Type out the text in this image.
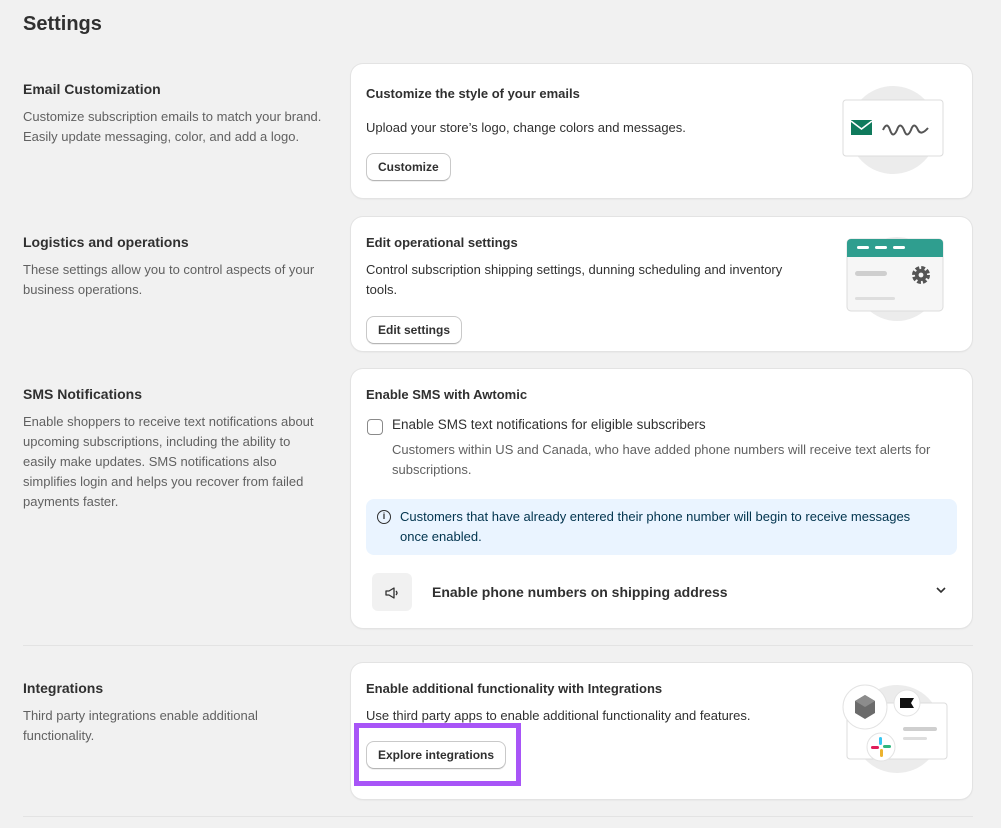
Settings
Email Customization

Customize subscription emails to match your brand. Easily update messaging, color, and add a logo.

Customize the style of your emails
Upload your store’s logo, change colors and messages.
Customize
Logistics and operations

These settings allow you to control aspects of your business operations.

Edit operational settings
Control subscription shipping settings, dunning scheduling and inventory tools.
Edit settings
SMS Notifications

Enable shoppers to receive text notifications about upcoming subscriptions, including the ability to easily make updates. SMS notifications also simplifies login and helps you recover from failed payments faster.

Enable SMS with Awtomic
Enable SMS text notifications for eligible subscribers
Customers within US and Canada, who have added phone numbers will receive text alerts for subscriptions.
i	Customers that have already entered their phone number will begin to receive messages once enabled.
Enable phone numbers on shipping address
Integrations

Third party integrations enable additional functionality.

Enable additional functionality with Integrations
Use third party apps to enable additional functionality and features.
Explore integrations
